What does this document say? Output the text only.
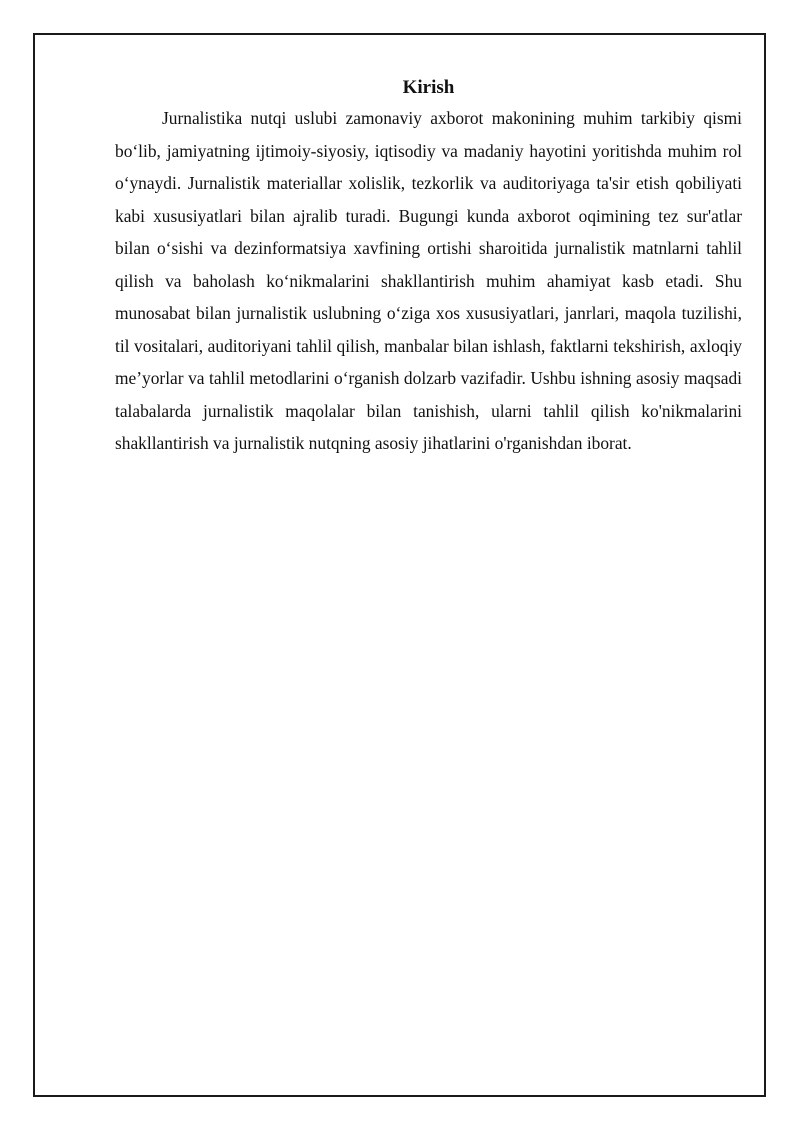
Kirish

Jurnalistika nutqi uslubi zamonaviy axborot makonining muhim tarkibiy qismi bo‘lib, jamiyatning ijtimoiy-siyosiy, iqtisodiy va madaniy hayotini yoritishda muhim rol o‘ynaydi. Jurnalistik materiallar xolislik, tezkorlik va auditoriyaga ta'sir etish qobiliyati kabi xususiyatlari bilan ajralib turadi. Bugungi kunda axborot oqimining tez sur'atlar bilan o‘sishi va dezinformatsiya xavfining ortishi sharoitida jurnalistik matnlarni tahlil qilish va baholash ko‘nikmalarini shakllantirish muhim ahamiyat kasb etadi. Shu munosabat bilan jurnalistik uslubning o‘ziga xos xususiyatlari, janrlari, maqola tuzilishi, til vositalari, auditoriyani tahlil qilish, manbalar bilan ishlash, faktlarni tekshirish, axloqiy me’yorlar va tahlil metodlarini o‘rganish dolzarb vazifadir. Ushbu ishning asosiy maqsadi talabalarda jurnalistik maqolalar bilan tanishish, ularni tahlil qilish ko'nikmalarini shakllantirish va jurnalistik nutqning asosiy jihatlarini o'rganishdan iborat.
